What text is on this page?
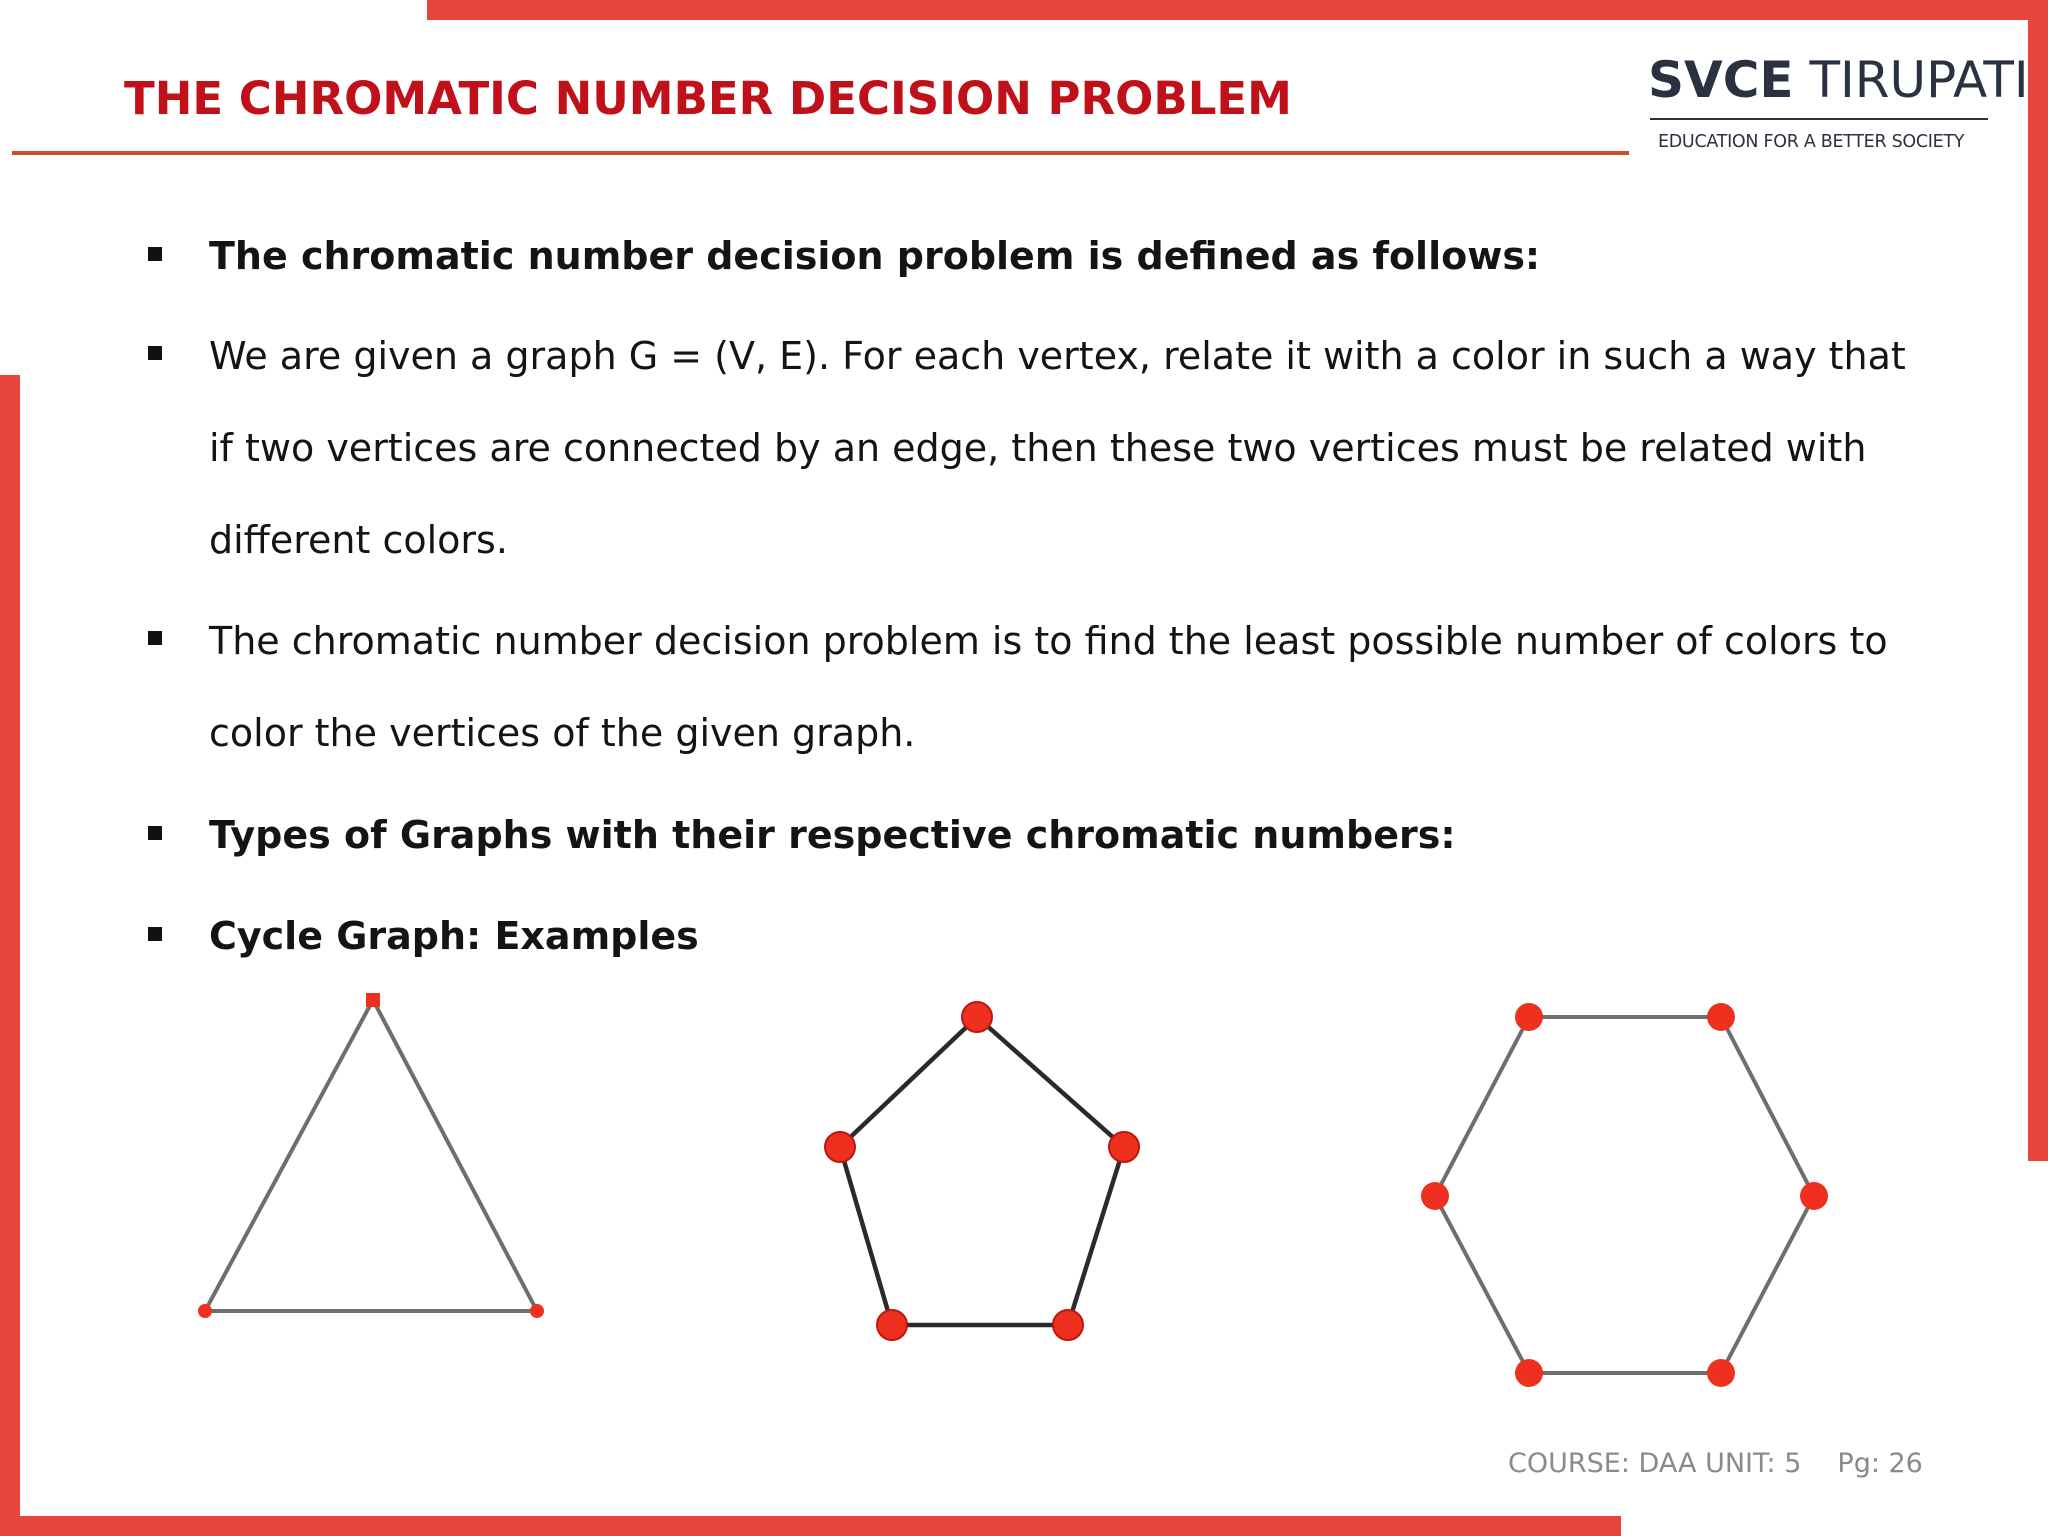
THE CHROMATIC NUMBER DECISION PROBLEM	SVCE TIRUPATI
EDUCATION FOR A BETTER SOCIETY

The chromatic number decision problem is defined as follows:

We are given a graph G = (V, E). For each vertex, relate it with a color in such a way that if two vertices are connected by an edge, then these two vertices must be related with different colors.

The chromatic number decision problem is to find the least possible number of colors to color the vertices of the given graph.

Types of Graphs with their respective chromatic numbers:

Cycle Graph: Examples

COURSE: DAA UNIT: 5 Pg: 26
